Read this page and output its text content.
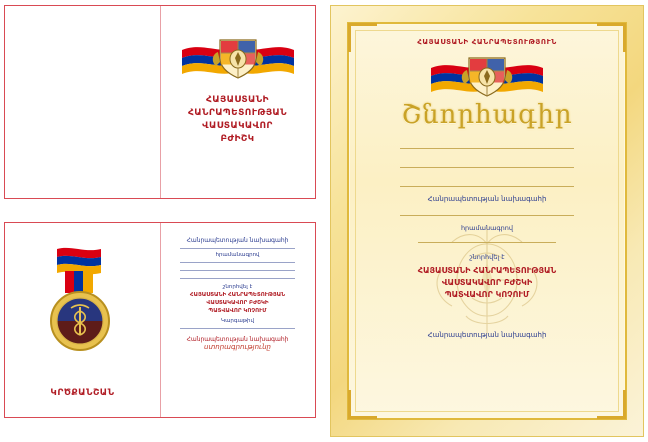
ՀԱՅԱՍՏԱՆԻ
ՀԱՆՐԱՊԵՏՈՒԹՅԱՆ
ՎԱՍՏԱԿԱՎՈՐ
ԲԺԻՇԿ
ԿՐԾՔԱՆՇԱՆ
Հանրապետության նախագահի
հրամանագրով
շնորհվել է
ՀԱՅԱՍՏԱՆԻ ՀԱՆՐԱՊԵՏՈՒԹՅԱՆ
ՎԱՍՏԱԿԱՎՈՐ ԲԺՇԿԻ
ՊԱՏՎԱՎՈՐ ԿՈՉՈՒՄ
Կարգաթիվ
Հանրապետության նախագահի
ստորագրությունը
ՀԱՅԱՍՏԱՆԻ ՀԱՆՐԱՊԵՏՈՒԹՅՈՒՆ
Շնորհագիր
Հանրապետության նախագահի
հրամանագրով
շնորհվել է
ՀԱՅԱՍՏԱՆԻ ՀԱՆՐԱՊԵՏՈՒԹՅԱՆ
ՎԱՍՏԱԿԱՎՈՐ ԲԺՇԿԻ
ՊԱՏՎԱՎՈՐ ԿՈՉՈՒՄ
Հանրապետության նախագահի
